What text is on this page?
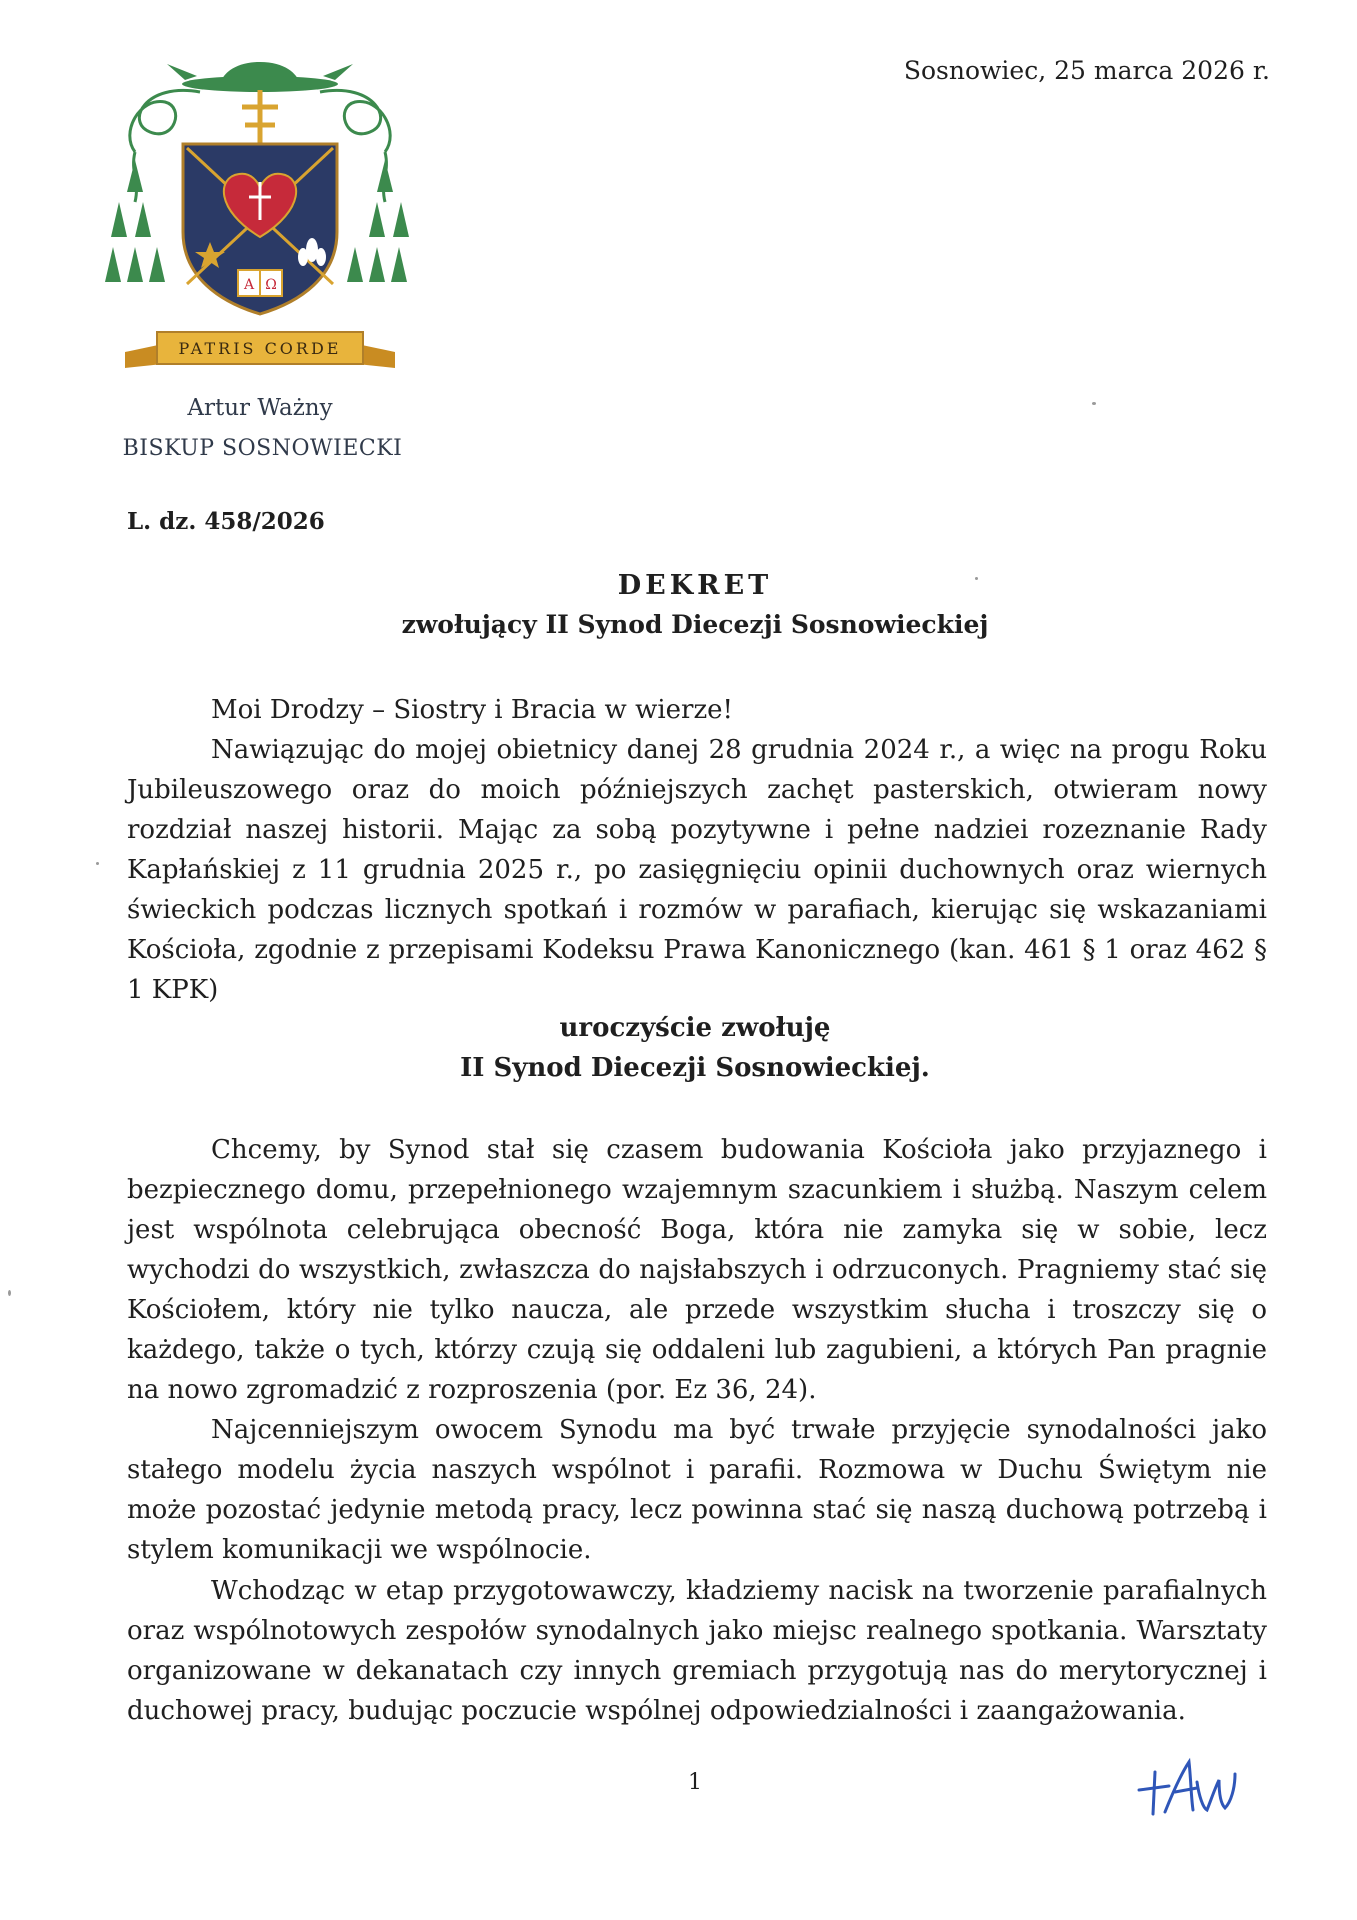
Sosnowiec, 25 marca 2026 r.
Α Ω
PATRIS CORDE
Artur Ważny
BISKUP SOSNOWIECKI
L. dz. 458/2026
DEKRET
zwołujący II Synod Diecezji Sosnowieckiej
Moi Drodzy – Siostry i Bracia w wierze!
Nawiązując do mojej obietnicy danej 28 grudnia 2024 r., a więc na progu Roku Jubileuszowego oraz do moich późniejszych zachęt pasterskich, otwieram nowy rozdział naszej historii. Mając za sobą pozytywne i pełne nadziei rozeznanie Rady Kapłańskiej z 11 grudnia 2025 r., po zasięgnięciu opinii duchownych oraz wiernych świeckich podczas licznych spotkań i rozmów w parafiach, kierując się wskazaniami Kościoła, zgodnie z przepisami Kodeksu Prawa Kanonicznego (kan. 461 § 1 oraz 462 § 1 KPK)
uroczyście zwołuję
II Synod Diecezji Sosnowieckiej.
Chcemy, by Synod stał się czasem budowania Kościoła jako przyjaznego i bezpiecznego domu, przepełnionego wzajemnym szacunkiem i służbą. Naszym celem jest wspólnota celebrująca obecność Boga, która nie zamyka się w sobie, lecz wychodzi do wszystkich, zwłaszcza do najsłabszych i odrzuconych. Pragniemy stać się Kościołem, który nie tylko naucza, ale przede wszystkim słucha i troszczy się o każdego, także o tych, którzy czują się oddaleni lub zagubieni, a których Pan pragnie na nowo zgromadzić z rozproszenia (por. Ez 36, 24).
Najcenniejszym owocem Synodu ma być trwałe przyjęcie synodalności jako stałego modelu życia naszych wspólnot i parafii. Rozmowa w Duchu Świętym nie może pozostać jedynie metodą pracy, lecz powinna stać się naszą duchową potrzebą i stylem komunikacji we wspólnocie.
Wchodząc w etap przygotowawczy, kładziemy nacisk na tworzenie parafialnych oraz wspólnotowych zespołów synodalnych jako miejsc realnego spotkania. Warsztaty organizowane w dekanatach czy innych gremiach przygotują nas do merytorycznej i duchowej pracy, budując poczucie wspólnej odpowiedzialności i zaangażowania.
1
